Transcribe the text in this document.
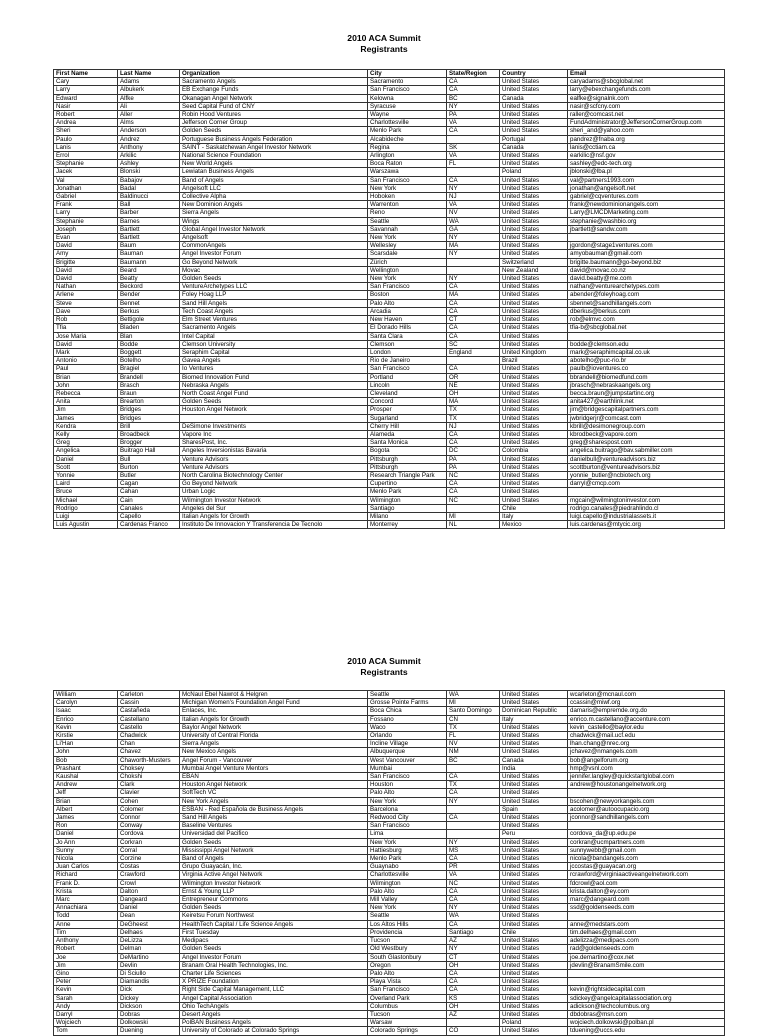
2010 ACA Summit
Registrants
First Name	Last Name	Organization	City	State/Region	Country	Email
Cary	Adams	Sacramento Angels	Sacramento	CA	United States	caryadams@sbcglobal.net
Larry	Albukerk	EB Exchange Funds	San Francisco	CA	United States	larry@ebexchangefunds.com
Edward	Alfke	Okanagan Angel Network	Kelowna	BC	Canada	ealfke@signalnk.com
Nasir	Ali	Seed Capital Fund of CNY	Syracuse	NY	United States	nasir@scfcny.com
Robert	Aller	Robin Hood Ventures	Wayne	PA	United States	raller@comcast.net
Andrea	Alms	Jefferson Corner Group	Charlottesville	VA	United States	FundAdministrator@JeffersonCornerGroup.com
Sheri	Anderson	Golden Seeds	Menlo Park	CA	United States	sheri_and@yahoo.com
Paulo	Andrez	Portuguese Business Angels Federation	Alcabideche		Portugal	pandrez@fnaba.org
Lanis	Anthony	SAINT - Saskatchewan Angel Investor Network	Regina	SK	Canada	lanis@cctiam.ca
Errol	Arkilic	National Science Foundation	Arlington	VA	United States	earkilic@nsf.gov
Stephanie	Ashley	New World Angels	Boca Raton	FL	United States	sashley@edc-tech.org
Jacek	Blonski	Lewiatan Business Angels	Warszawa		Poland	jblonski@lba.pl
Val	Babajov	Band of Angels	San Francisco	CA	United States	val@partners1993.com
Jonathan	Badal	Angelsoft LLC	New York	NY	United States	jonathan@angelsoft.net
Gabriel	Baldinucci	Collective Alpha	Hoboken	NJ	United States	gabriel@cqventures.com
Frank	Ball	New Dominion Angels	Warrenton	VA	United States	frank@newdominionangels.com
Larry	Barber	Sierra Angels	Reno	NV	United States	Larry@LMCDMarketing.com
Stephanie	Barnes	Wings	Seattle	WA	United States	stephanie@washbio.org
Joseph	Bartlett	Global Angel Investor Network	Savannah	GA	United States	jbartlett@sandw.com
Evan	Bartlett	Angelsoft	New York	NY	United States	
David	Baum	CommonAngels	Wellesley	MA	United States	jgordon@stage1ventures.com
Amy	Bauman	Angel Investor Forum	Scarsdale	NY	United States	amyobauman@gmail.com
Brigitte	Baumann	Go Beyond Network	Zürich		Switzerland	brigitte.baumann@go-beyond.biz
David	Beard	Movac	Wellington		New Zealand	david@movac.co.nz
David	Beatty	Golden Seeds	New York	NY	United States	david.beatty@me.com
Nathan	Beckord	VentureArchetypes LLC	San Francisco	CA	United States	nathan@venturearchetypes.com
Arlene	Bender	Foley Hoag LLP	Boston	MA	United States	abender@foleyhoag.com
Steve	Bennet	Sand Hill Angels	Palo Alto	CA	United States	sbennet@sandhillangels.com
Dave	Berkus	Tech Coast Angels	Arcadia	CA	United States	dberkus@berkus.com
Rob	Bettigole	Elm Street Ventures	New Haven	CT	United States	rob@elmvc.com
Tfia	Bladen	Sacramento Angels	El Dorado Hills	CA	United States	tfia-b@sbcglobal.net
Jose Maria	Blan	Intel Capital	Santa Clara	CA	United States	
David	Bodde	Clemson University	Clemson	SC	United States	bodde@clemson.edu
Mark	Boggett	Seraphim Capital	London	England	United Kingdom	mark@seraphimcapital.co.uk
Antonio	Botelho	Gavea Angels	Rio de Janeiro		Brazil	abotelho@puc-rio.br
Paul	Bragiel	Io Ventures	San Francisco	CA	United States	paulb@ioventures.co
Brian	Brandell	Biomed Innovation Fund	Portland	OR	United States	bbrandell@biomedfund.com
John	Brasch	Nebraska Angels	Lincoln	NE	United States	jbrasch@nebraskaangels.org
Rebecca	Braun	North Coast Angel Fund	Cleveland	OH	United States	becca.braun@jumpstartinc.org
Anita	Brearton	Golden Seeds	Concord	MA	United States	anita427@earthlink.net
Jim	Bridges	Houston Angel Network	Prosper	TX	United States	jim@bridgescapitalpartners.com
James	Bridges		Sugarland	TX	United States	jwbridgerjr@comcast.com
Kendra	Brill	DeSimone Investments	Cherry Hill	NJ	United States	kbrill@desimonegroup.com
Kelly	Broadbeck	Vapore Inc	Alameda	CA	United States	kbrodbeck@vapore.com
Greg	Brogger	SharesPost, Inc.	Santa Monica	CA	United States	greg@sharespost.com
Angelica	Buitrago Hall	Angeles Inversionistas Bavaria	Bogota	DC	Colombia	angelica.buitrago@bav.sabmiller.com
Daniel	Bull	Venture Advisors	Pittsburgh	PA	United States	danielbull@ventureadvisors.biz
Scott	Burton	Venture Advisors	Pittsburgh	PA	United States	scottburton@ventureadvisors.biz
Yonnie	Butler	North Carolina Biotechnology Center	Research Triangle Park	NC	United States	yonnie_butler@ncbiotech.org
Laird	Cagan	Go Beyond Network	Cupertino	CA	United States	darryl@cmcp.com
Bruce	Cahan	Urban Logic	Menlo Park	CA	United States	
Michael	Cain	Wilmington Investor Network	Wilmington	NC	United States	mgcain@wilmingtoninvestor.com
Rodrigo	Canales	Angeles del Sur	Santiago		Chile	rodrigo.canales@piedrahlindo.cl
Luigi	Capello	Italian Angels for Growth	Milano	MI	Italy	luigi.capello@industrialassets.it
Luis Agustin	Cardenas Franco	Instituto De Innovacion Y Transferencia De Tecnolo	Monterrey	NL	Mexico	luis.cardenas@mtycic.org
2010 ACA Summit
Registrants
William	Carleton	McNaul Ebel Nawrot & Helgren	Seattle	WA	United States	wcarleton@mcnaul.com
Carolyn	Cassin	Michigan Women's Foundation Angel Fund	Grosse Pointe Farms	MI	United States	ccassin@miwf.org
Isaac	Castañeda	Enlaces, Inc.	Boca Chica	Santo Domingo	Dominican Republic	damaris@empremde.org.do
Enrico	Castellano	Italian Angels for Growth	Fossano	CN	Italy	enrico.m.castellano@accenture.com
Kevin	Castello	Baylor Angel Network	Waco	TX	United States	kevin_castello@baylor.edu
Kirstie	Chadwick	University of Central Florida	Orlando	FL	United States	chadwick@mail.ucf.edu
Li'Han	Chan	Sierra Angels	Incline Village	NV	United States	lhan.chang@nrec.org
John	Chavez	New Mexico Angels	Albuquerque	NM	United States	jchavez@nmangels.com
Bob	Chaworth-Musters	Angel Forum - Vancouver	West Vancouver	BC	Canada	bob@angelforum.org
Prashant	Choksey	Mumbai Angel Venture Mentors	Mumbai		India	hmp@vsnl.com
Kaushal	Chokshi	EBAN	San Francisco	CA	United States	jennifer.langley@quickstartglobal.com
Andrew	Clark	Houston Angel Network	Houston	TX	United States	andrew@houstonangelnetwork.org
Jeff	Clavier	SoftTech VC	Palo Alto	CA	United States	
Brian	Cohen	New York Angels	New York	NY	United States	bscohen@newyorkangels.com
Albert	Colomer	ESBAN - Red Española de Business Angels	Barcelona		Spain	acolomer@autoocupacio.org
James	Connor	Sand Hill Angels	Redwood City	CA	United States	jconnor@sandhillangels.com
Ron	Conway	Baseline Ventures	San Francisco		United States	
Daniel	Cordova	Universidad del Pacifico	Lima		Peru	cordova_da@up.edu.pe
Jo Ann	Corkran	Golden Seeds	New York	NY	United States	corkran@ucmpartners.com
Sunny	Corral	Mississippi Angel Network	Hattiesburg	MS	United States	sunnywebb@gmail.com
Nicola	Corzine	Band of Angels	Menlo Park	CA	United States	nicola@bandangels.com
Juan Carlos	Costas	Grupo Guayacán, Inc.	Guaynabo	PR	United States	jccostas@guayacan.org
Richard	Crawford	Virginia Active Angel Network	Charlottesville	VA	United States	rcrawford@virginiaactiveangelnetwork.com
Frank D.	Crowl	Wilmington Investor Network	Wilmington	NC	United States	fdcrowl@aol.com
Krista	Dalton	Ernst & Young LLP	Palo Alto	CA	United States	krista.dalton@ey.com
Marc	Dangeard	Entrepreneur Commons	Mill Valley	CA	United States	marc@dangeard.com
Annachiara	Daniel	Golden Seeds	New York	NY	United States	ssd@goldenseeds.com
Todd	Dean	Keiretsu Forum Northwest	Seattle	WA	United States	
Anne	DeGheest	HealthTech Capital / Life Science Angels	Los Altos Hills	CA	United States	anne@medstars.com
Tim	Delhaes	First Tuesday	Providencia	Santiago	Chile	tim.delhaes@gmail.com
Anthony	DeLizza	Medipacs	Tucson	AZ	United States	adelizza@medipacs.com
Robert	Delman	Golden Seeds	Old Westbury	NY	United States	rad@goldenseeds.com
Joe	DeMartino	Angel Investor Forum	South Glastonbury	CT	United States	joe.demartino@cox.net
Jim	Devlin	Branam Oral Health Technologies, Inc.	Oregon	OH	United States	jdevlin@BranamSmile.com
Gino	Di Sciullo	Charter Life Sciences	Palo Alto	CA	United States	
Peter	Diamandis	X PRIZE Foundation	Playa Vista	CA	United States	
Kevin	Dick	Right Side Capital Management, LLC	San Francisco	CA	United States	kevin@rightsidecapital.com
Sarah	Dickey	Angel Capital Association	Overland Park	KS	United States	sdickey@angelcapitalassociation.org
Andy	Dickson	Ohio TechAngels	Columbus	OH	United States	adickson@techcolumbus.org
Darryl	Dobras	Desert Angels	Tucson	AZ	United States	dbdobras@msn.com
Wojciech	Dolkowski	PolBAN Business Angels	Warsaw		Poland	wojciech.dolkowski@polban.pl
Tom	Duening	University of Colorado at Colorado Springs	Colorado Springs	CO	United States	tduening@uccs.edu
